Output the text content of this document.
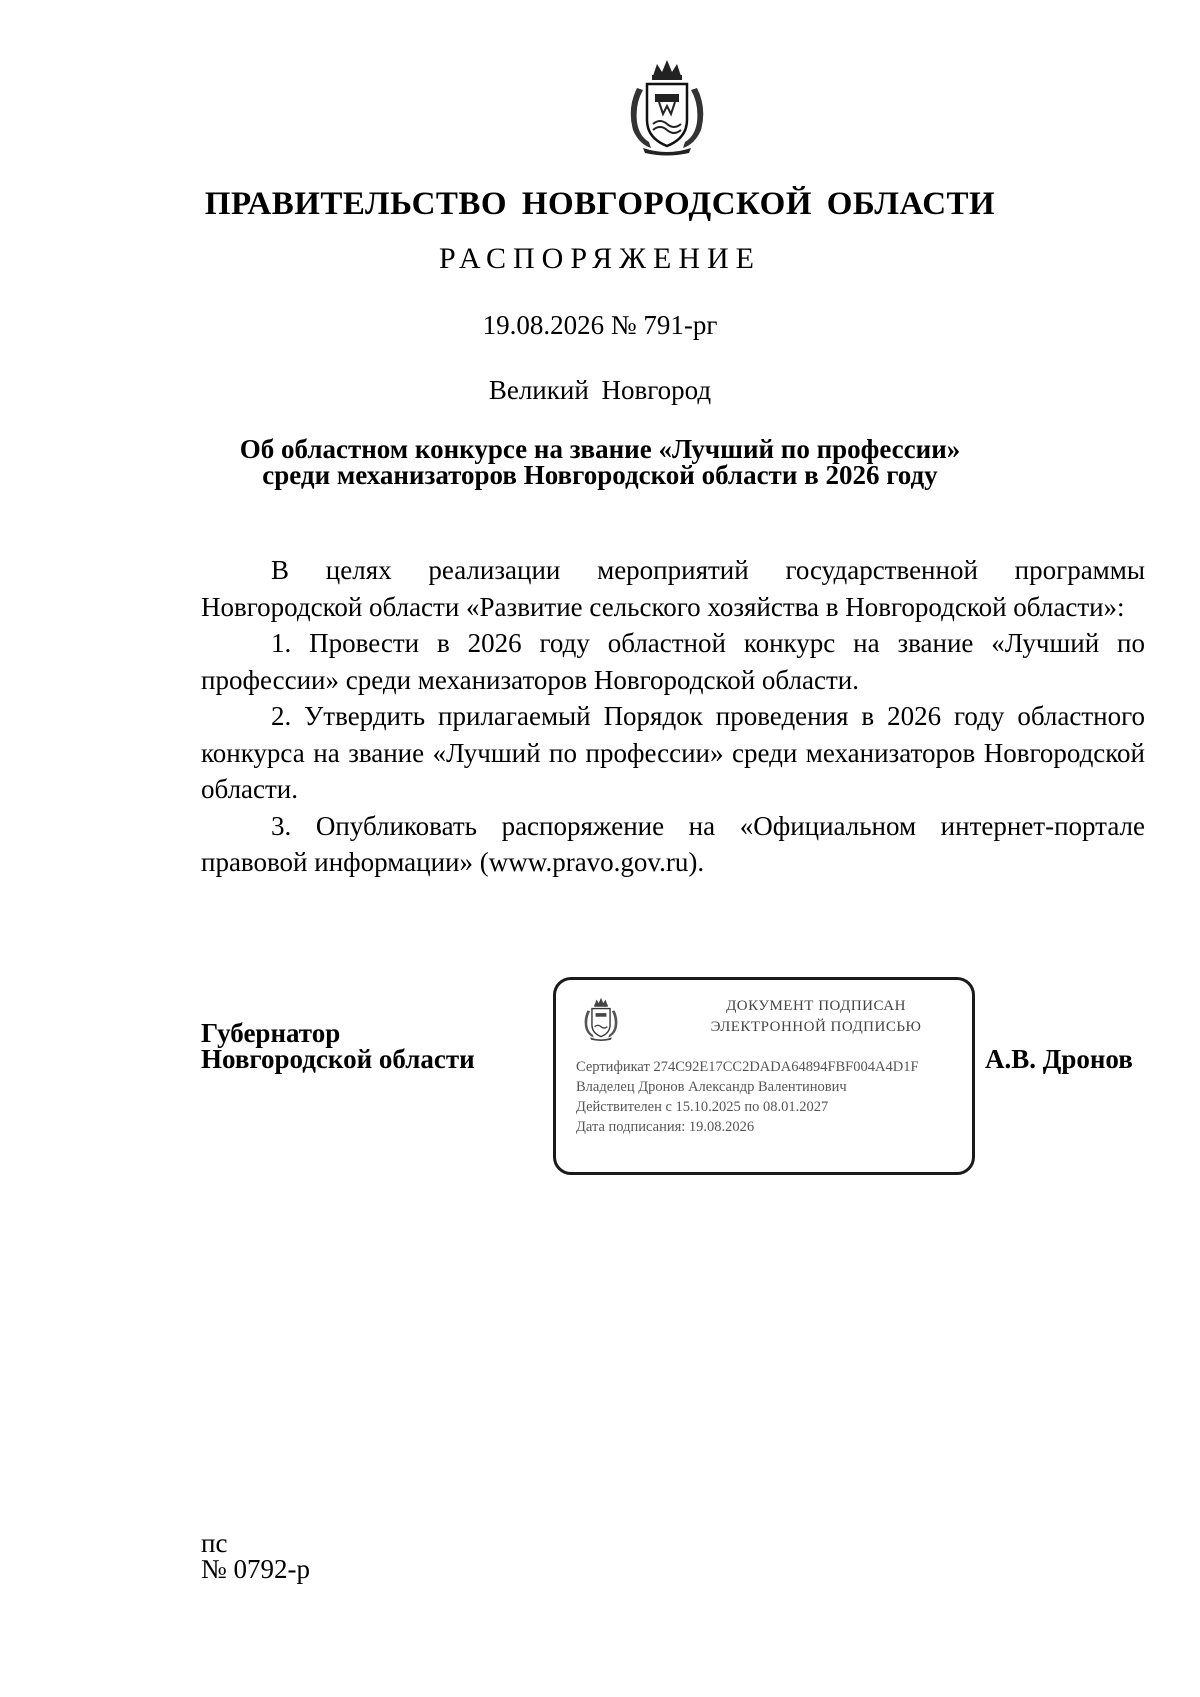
ПРАВИТЕЛЬСТВО НОВГОРОДСКОЙ ОБЛАСТИ
РАСПОРЯЖЕНИЕ
19.08.2026 № 791-рг
Великий Новгород
Об областном конкурсе на звание «Лучший по профессии»
среди механизаторов Новгородской области в 2026 году

В целях реализации мероприятий государственной программы Новгородской области «Развитие сельского хозяйства в Новгородской области»:

1. Провести в 2026 году областной конкурс на звание «Лучший по профессии» среди механизаторов Новгородской области.

2. Утвердить прилагаемый Порядок проведения в 2026 году областного конкурса на звание «Лучший по профессии» среди механизаторов Новгородской области.

3. Опубликовать распоряжение на «Официальном интернет-портале правовой информации» (www.pravo.gov.ru).

Губернатор
Новгородской области
ДОКУМЕНТ ПОДПИСАН
ЭЛЕКТРОННОЙ ПОДПИСЬЮ
Сертификат 274C92E17CC2DADA64894FBF004A4D1F
Владелец Дронов Александр Валентинович
Действителен с 15.10.2025 по 08.01.2027
Дата подписания: 19.08.2026
А.В. Дронов
пс
№ 0792-р
